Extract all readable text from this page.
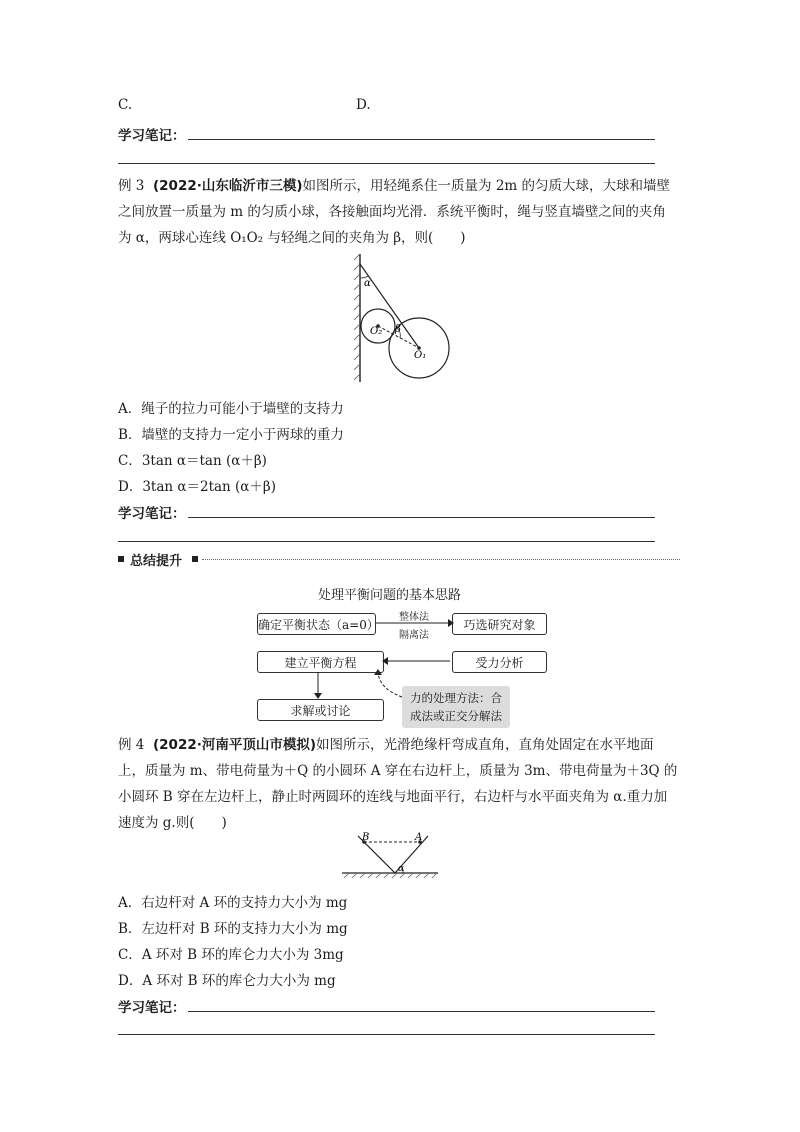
C.	D.
学习笔记：
例 3 (2022·山东临沂市三模)如图所示，用轻绳系住一质量为 2m 的匀质大球，大球和墙壁之间放置一质量为 m 的匀质小球，各接触面均光滑．系统平衡时，绳与竖直墙壁之间的夹角为 α，两球心连线 O₁O₂ 与轻绳之间的夹角为 β，则(　　)
α
β
O₂
O₁
A．绳子的拉力可能小于墙壁的支持力
B．墙壁的支持力一定小于两球的重力
C．3tan α＝tan (α＋β)
D．3tan α＝2tan (α＋β)
学习笔记：
总结提升
处理平衡问题的基本思路
确定平衡状态（a=0）	巧选研究对象
受力分析
建立平衡方程
求解或讨论
整体法
隔离法
力的处理方法：合
成法或正交分解法
例 4 (2022·河南平顶山市模拟)如图所示，光滑绝缘杆弯成直角，直角处固定在水平地面上，质量为 m、带电荷量为＋Q 的小圆环 A 穿在右边杆上，质量为 3m、带电荷量为＋3Q 的小圆环 B 穿在左边杆上，静止时两圆环的连线与地面平行，右边杆与水平面夹角为 α.重力加速度为 g.则(　　)
B	A
α
A．右边杆对 A 环的支持力大小为 mg
B．左边杆对 B 环的支持力大小为 mg
C．A 环对 B 环的库仑力大小为 3mg
D．A 环对 B 环的库仑力大小为 mg
学习笔记：
